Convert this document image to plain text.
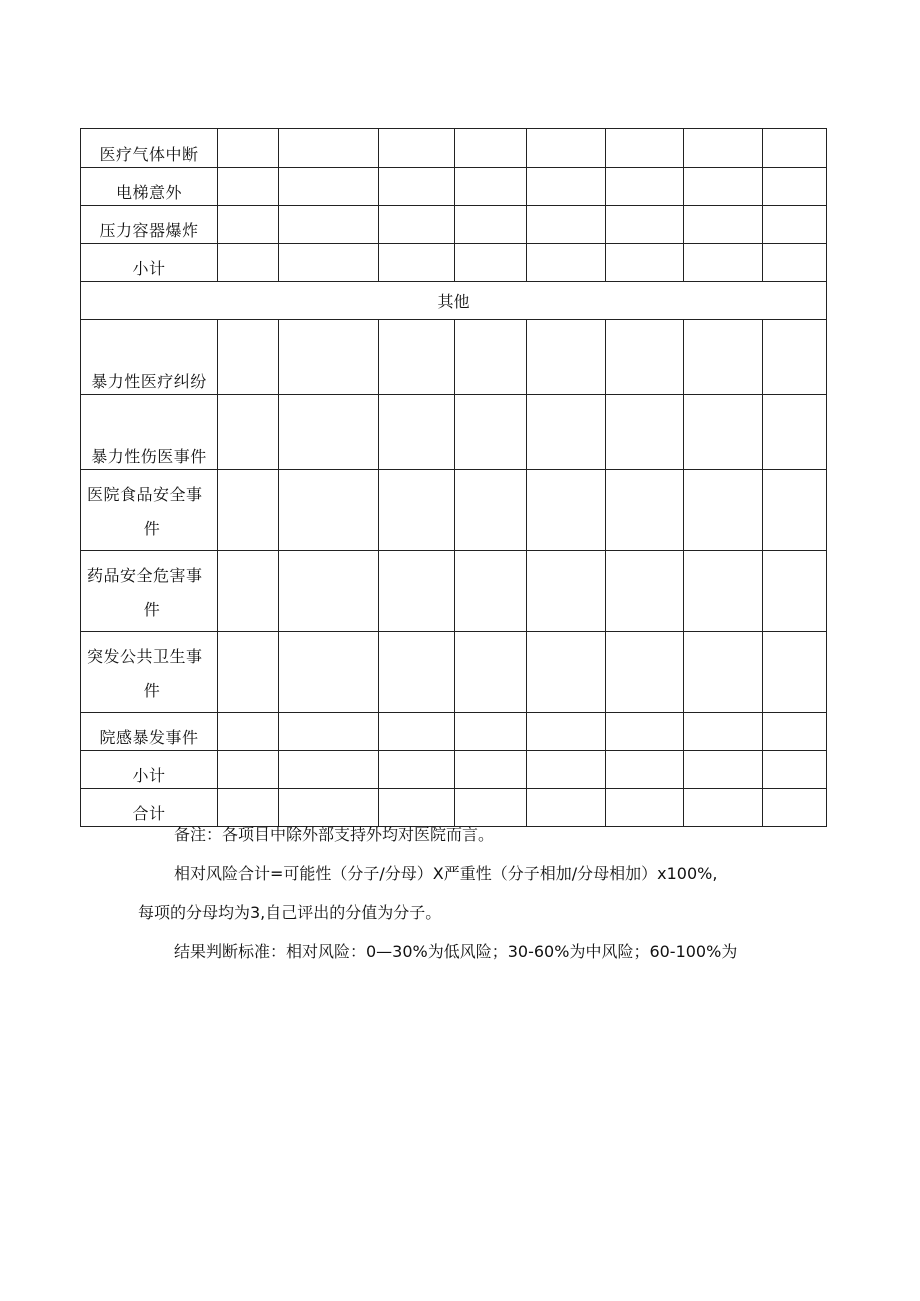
医疗气体中断								
电梯意外								
压力容器爆炸								
小计								
其他								
暴力性医疗纠纷								
暴力性伤医事件								
医院食品安全事

件								

药品安全危害事

件								

突发公共卫生事

件								

院感暴发事件								
小计								
合计								

备注：各项目中除外部支持外均对医院而言。

相对风险合计=可能性（分子/分母）X严重性（分子相加/分母相加）x100%,

每项的分母均为3,自己评出的分值为分子。

结果判断标准：相对风险：0—30%为低风险；30-60%为中风险；60-100%为
